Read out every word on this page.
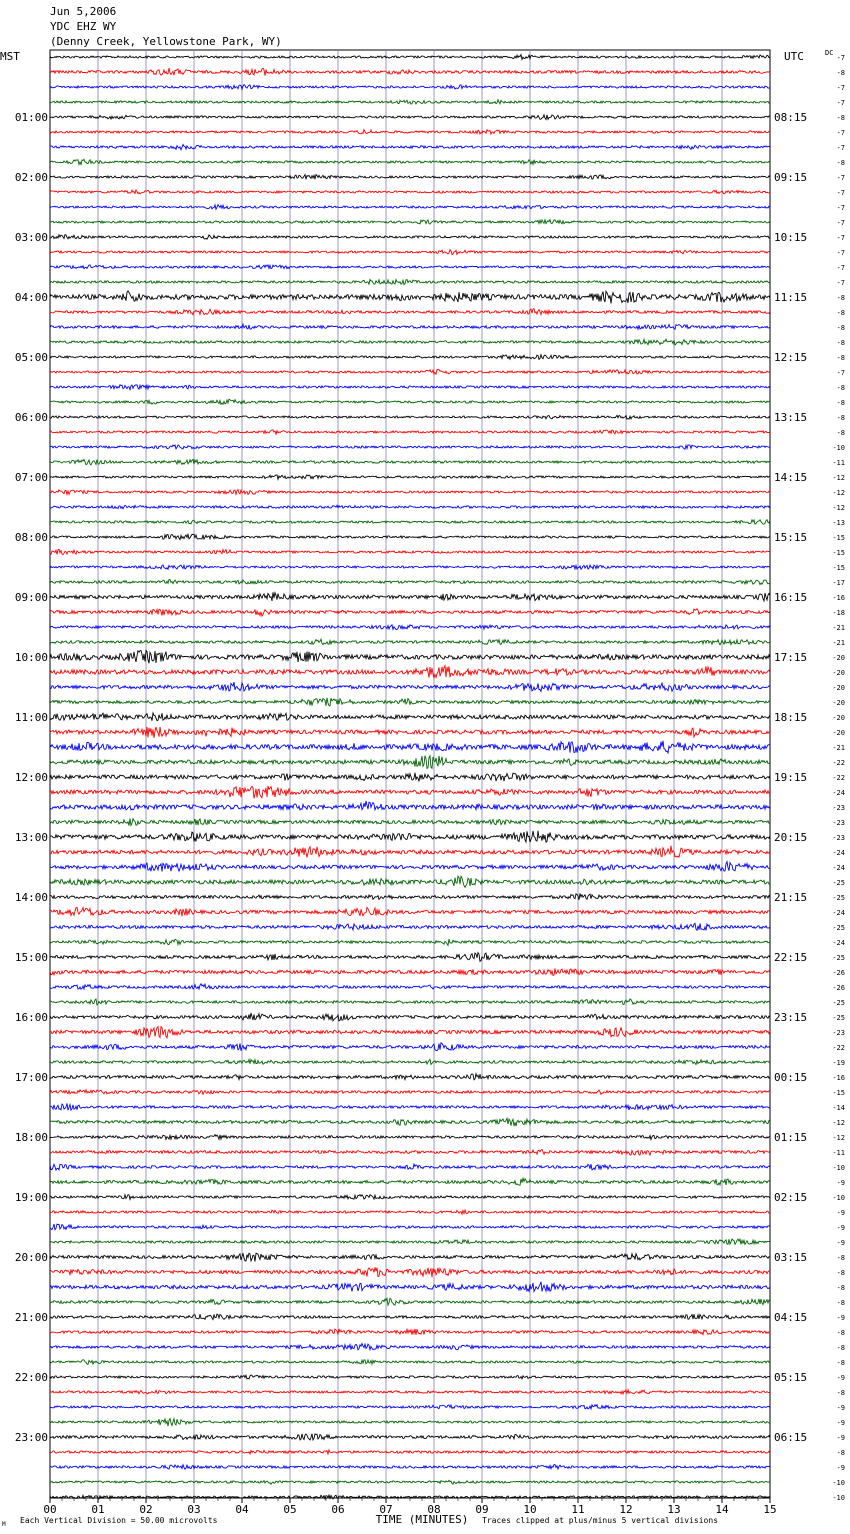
-7
-8
-7
-7
-8
-7
-7
-8
-7
-7
-7
-7
-7
-7
-7
-7
-8
-8
-8
-8
-8
-7
-8
-8
-8
-8
-10
-11
-12
-12
-12
-13
-15
-15
-15
-17
-16
-18
-21
-21
-20
-20
-20
-20
-20
-20
-21
-22
-22
-24
-23
-23
-23
-24
-24
-25
-25
-24
-25
-24
-25
-26
-26
-25
-25
-23
-22
-19
-16
-15
-14
-12
-12
-11
-10
-9
-10
-9
-9
-9
-8
-8
-8
-8
-9
-8
-8
-8
-9
-8
-9
-9
-9
-8
-9
-10
-10
MST	UTC	DC
01:00
02:00
03:00
04:00
05:00
06:00
07:00
08:00
09:00
10:00
11:00
12:00
13:00
14:00
15:00
16:00
17:00
18:00
19:00
20:00
21:00
22:00
23:00
08:15
09:15
10:15
11:15
12:15
13:15
14:15
15:15
16:15
17:15
18:15
19:15
20:15
21:15
22:15
23:15
00:15
01:15
02:15
03:15
04:15
05:15
06:15
00	01	02	03	04	05	06	07	08	09	10	11	12	13	14	15
TIME (MINUTES)
Each Vertical Division = 50.00 microvolts	Traces clipped at plus/minus 5 vertical divisions
M
Jun 5,2006
YDC EHZ WY
(Denny Creek, Yellowstone Park, WY)
